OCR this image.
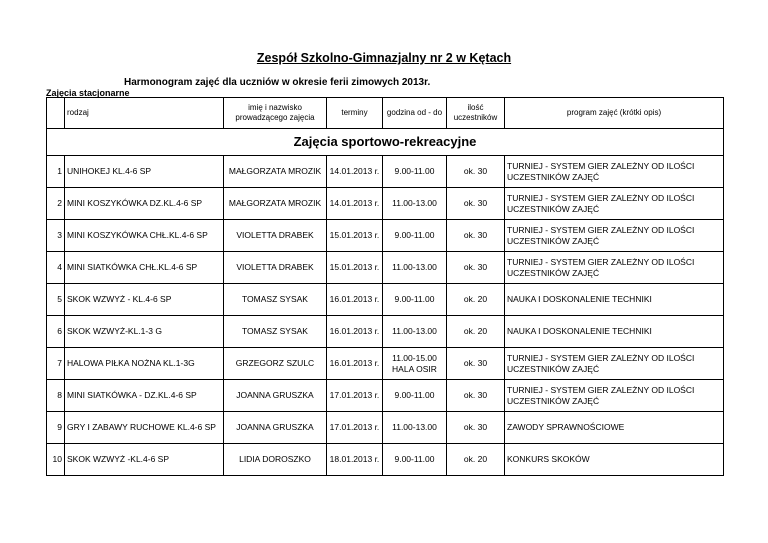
Zespół Szkolno-Gimnazjalny nr 2 w Kętach
Harmonogram zajęć dla uczniów w okresie ferii zimowych 2013r.
Zajęcia stacjonarne
	rodzaj	imię i nazwisko prowadzącego zajęcia	terminy	godzina od - do	ilość uczestników	program zajęć (krótki opis)
Zajęcia sportowo-rekreacyjne						
1	UNIHOKEJ KL.4-6 SP	MAŁGORZATA MROZIK	14.01.2013 r.	9.00-11.00	ok. 30	TURNIEJ - SYSTEM GIER ZALEŻNY OD ILOŚCI UCZESTNIKÓW ZAJĘĆ
2	MINI KOSZYKÓWKA DZ.KL.4-6 SP	MAŁGORZATA MROZIK	14.01.2013 r.	11.00-13.00	ok. 30	TURNIEJ - SYSTEM GIER ZALEŻNY OD ILOŚCI UCZESTNIKÓW ZAJĘĆ
3	MINI KOSZYKÓWKA CHŁ.KL.4-6 SP	VIOLETTA DRABEK	15.01.2013 r.	9.00-11.00	ok. 30	TURNIEJ - SYSTEM GIER ZALEŻNY OD ILOŚCI UCZESTNIKÓW ZAJĘĆ
4	MINI SIATKÓWKA CHŁ.KL.4-6 SP	VIOLETTA DRABEK	15.01.2013 r.	11.00-13.00	ok. 30	TURNIEJ - SYSTEM GIER ZALEŻNY OD ILOŚCI UCZESTNIKÓW ZAJĘĆ
5	SKOK WZWYŻ - KL.4-6 SP	TOMASZ SYSAK	16.01.2013 r.	9.00-11.00	ok. 20	NAUKA I DOSKONALENIE TECHNIKI
6	SKOK WZWYŻ-KL.1-3 G	TOMASZ SYSAK	16.01.2013 r.	11.00-13.00	ok. 20	NAUKA I DOSKONALENIE TECHNIKI
7	HALOWA PIŁKA NOŻNA KL.1-3G	GRZEGORZ SZULC	16.01.2013 r.	11.00-15.00 HALA OSIR	ok. 30	TURNIEJ - SYSTEM GIER ZALEŻNY OD ILOŚCI UCZESTNIKÓW ZAJĘĆ
8	MINI SIATKÓWKA - DZ.KL.4-6 SP	JOANNA GRUSZKA	17.01.2013 r.	9.00-11.00	ok. 30	TURNIEJ - SYSTEM GIER ZALEŻNY OD ILOŚCI UCZESTNIKÓW ZAJĘĆ
9	GRY I ZABAWY RUCHOWE KL.4-6 SP	JOANNA GRUSZKA	17.01.2013 r.	11.00-13.00	ok. 30	ZAWODY SPRAWNOŚCIOWE
10	SKOK WZWYŻ -KL.4-6 SP	LIDIA DOROSZKO	18.01.2013 r.	9.00-11.00	ok. 20	KONKURS SKOKÓW
